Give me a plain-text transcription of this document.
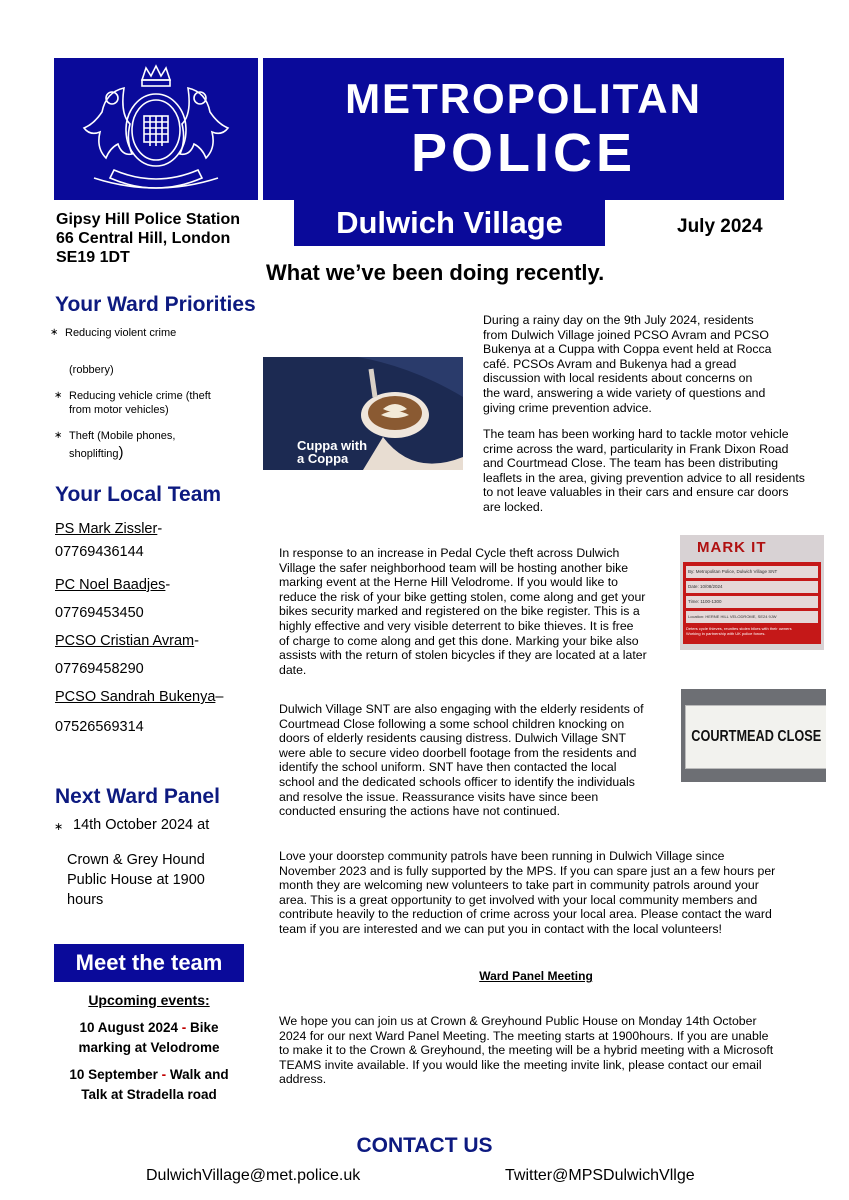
METROPOLITAN
POLICE
Dulwich Village	July 2024
Gipsy Hill Police Station
66 Central Hill, London
SE19 1DT
Your Ward Priorities
∗ Reducing violent crime
(robbery)
∗ Reducing vehicle crime (theft
from motor vehicles)
∗ Theft (Mobile phones,
shoplifting)
Your Local Team
PS Mark Zissler-
07769436144
PC Noel Baadjes-
07769453450
PCSO Cristian Avram-
07769458290
PCSO Sandrah Bukenya–
07526569314
Next Ward Panel
∗ 14th October 2024 at
Crown & Grey Hound
Public House at 1900
hours
Meet the team
Upcoming events:
10 August 2024 - Bike
marking at Velodrome
10 September - Walk and
Talk at Stradella road
What we’ve been doing recently.
Cuppa with
a Coppa
During a rainy day on the 9th July 2024, residents
from Dulwich Village joined PCSO Avram and PCSO
Bukenya at a Cuppa with Coppa event held at Rocca
café. PCSOs Avram and Bukenya had a gread
discussion with local residents about concerns on
the ward, answering a wide variety of questions and
giving crime prevention advice.
The team has been working hard to tackle motor vehicle
crime across the ward, particularity in Frank Dixon Road
and Courtmead Close. The team has been distributing
leaflets in the area, giving prevention advice to all residents
to not leave valuables in their cars and ensure car doors
are locked.
In response to an increase in Pedal Cycle theft across Dulwich
Village the safer neighborhood team will be hosting another bike
marking event at the Herne Hill Velodrome. If you would like to
reduce the risk of your bike getting stolen, come along and get your
bikes security marked and registered on the bike register. This is a
highly effective and very visible deterrent to bike thieves. It is free
of charge to come along and get this done. Marking your bike also
assists with the return of stolen bicycles if they are located at a later
date.
MARK IT
By: Metropolitan Police, Dulwich Village SNT
Date: 10/08/2024
Time: 1100-1300
Location: HERNE HILL VELODROME, SE24 9JW
Deters cycle thieves, reunites stolen bikes with their owners
Working in partnership with UK police forces.
Dulwich Village SNT are also engaging with the elderly residents of
Courtmead Close following a some school children knocking on
doors of elderly residents causing distress. Dulwich Village SNT
were able to secure video doorbell footage from the residents and
identify the school uniform. SNT have then contacted the local
school and the dedicated schools officer to identify the individuals
and resolve the issue. Reassurance visits have since been
conducted ensuring the actions have not continued.
COURTMEAD CLOSE
Love your doorstep community patrols have been running in Dulwich Village since
November 2023 and is fully supported by the MPS. If you can spare just an a few hours per
month they are welcoming new volunteers to take part in community patrols around your
area. This is a great opportunity to get involved with your local community members and
contribute heavily to the reduction of crime across your local area. Please contact the ward
team if you are interested and we can put you in contact with the local volunteers!
Ward Panel Meeting
We hope you can join us at Crown & Greyhound Public House on Monday 14th October
2024 for our next Ward Panel Meeting. The meeting starts at 1900hours. If you are unable
to make it to the Crown & Greyhound, the meeting will be a hybrid meeting with a Microsoft
TEAMS invite available. If you would like the meeting invite link, please contact our email
address.
CONTACT US
DulwichVillage@met.police.uk	Twitter@MPSDulwichVllge
